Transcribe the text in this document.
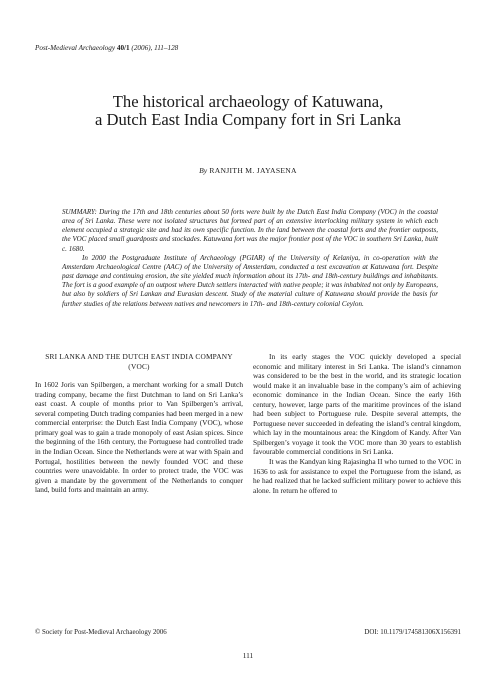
Post-Medieval Archaeology 40/1 (2006), 111–128
The historical archaeology of Katuwana,
a Dutch East India Company fort in Sri Lanka
By RANJITH M. JAYASENA

SUMMARY: During the 17th and 18th centuries about 50 forts were built by the Dutch East India Company (VOC) in the coastal area of Sri Lanka. These were not isolated structures but formed part of an extensive interlocking military system in which each element occupied a strategic site and had its own specific function. In the land between the coastal forts and the frontier outposts, the VOC placed small guardposts and stockades. Katuwana fort was the major frontier post of the VOC in southern Sri Lanka, built c. 1680.

In 2000 the Postgraduate Institute of Archaeology (PGIAR) of the University of Kelaniya, in co-operation with the Amsterdam Archaeological Centre (AAC) of the University of Amsterdam, conducted a test excavation at Katuwana fort. Despite past damage and continuing erosion, the site yielded much information about its 17th- and 18th-century buildings and inhabitants. The fort is a good example of an outpost where Dutch settlers interacted with native people; it was inhabited not only by Europeans, but also by soldiers of Sri Lankan and Eurasian descent. Study of the material culture of Katuwana should provide the basis for further studies of the relations between natives and newcomers in 17th- and 18th-century colonial Ceylon.

SRI LANKA AND THE DUTCH EAST INDIA COMPANY (VOC)

In 1602 Joris van Spilbergen, a merchant working for a small Dutch trading company, became the first Dutchman to land on Sri Lanka’s east coast. A couple of months prior to Van Spilbergen’s arrival, several competing Dutch trading companies had been merged in a new commercial enterprise: the Dutch East India Company (VOC), whose primary goal was to gain a trade monopoly of east Asian spices. Since the beginning of the 16th century, the Portuguese had controlled trade in the Indian Ocean. Since the Netherlands were at war with Spain and Portugal, hostilities between the newly founded VOC and these countries were unavoidable. In order to protect trade, the VOC was given a mandate by the government of the Netherlands to conquer land, build forts and maintain an army.

In its early stages the VOC quickly developed a special economic and military interest in Sri Lanka. The island’s cinnamon was considered to be the best in the world, and its strategic location would make it an invaluable base in the company’s aim of achieving economic dominance in the Indian Ocean. Since the early 16th century, however, large parts of the maritime provinces of the island had been subject to Portuguese rule. Despite several attempts, the Portuguese never succeeded in defeating the island’s central kingdom, which lay in the mountainous area: the Kingdom of Kandy. After Van Spilbergen’s voyage it took the VOC more than 30 years to establish favourable commercial conditions in Sri Lanka.

It was the Kandyan king Rajasingha II who turned to the VOC in 1636 to ask for assistance to expel the Portuguese from the island, as he had realized that he lacked sufficient military power to achieve this alone. In return he offered to

© Society for Post-Medieval Archaeology 2006	DOI: 10.1179/174581306X156391
111
